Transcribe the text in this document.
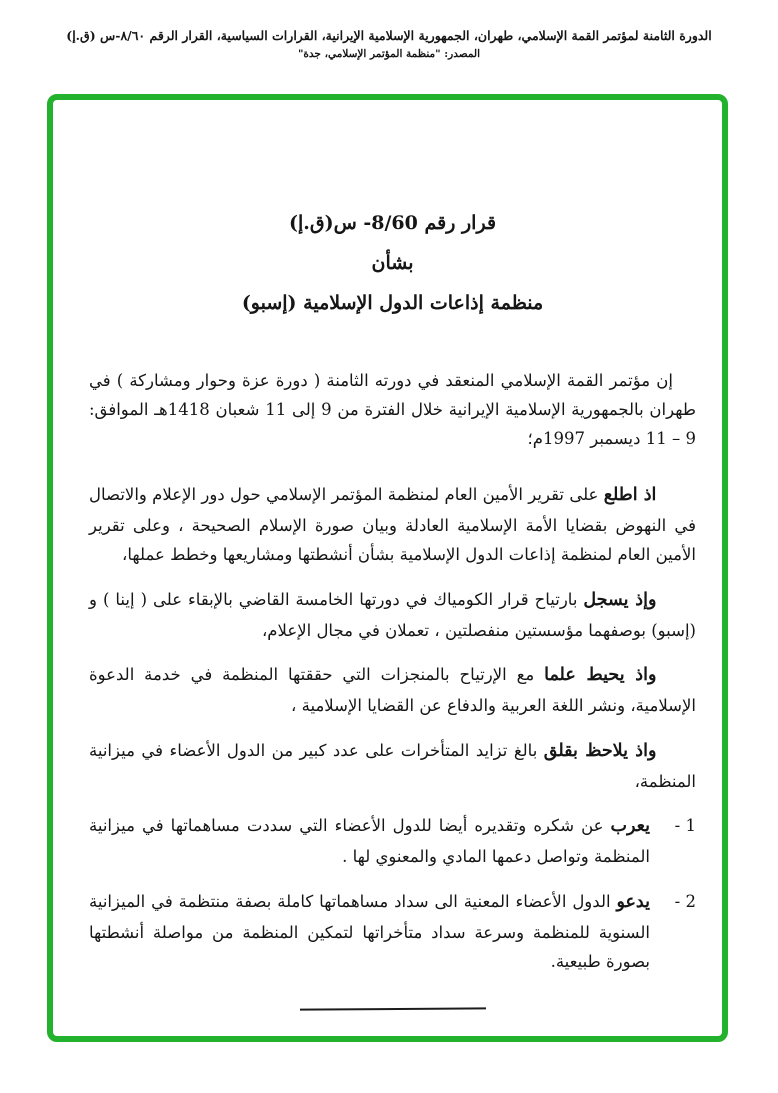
الدورة الثامنة لمؤتمر القمة الإسلامي، طهران، الجمهورية الإسلامية الإيرانية، القرارات السياسية، القرار الرقم ٨/٦٠-س (ق.إ)
المصدر: "منظمة المؤتمر الإسلامي، جدة"
قرار رقم 8/60- س(ق.إ)
بشأن
منظمة إذاعات الدول الإسلامية (إسبو)

إن مؤتمر القمة الإسلامي المنعقد في دورته الثامنة ( دورة عزة وحوار ومشاركة ) في طهران بالجمهورية الإسلامية الإيرانية خلال الفترة من 9 إلى 11 شعبان 1418هـ الموافق: 9 – 11 ديسمبر 1997م؛

اذ اطلع على تقرير الأمين العام لمنظمة المؤتمر الإسلامي حول دور الإعلام والاتصال في النهوض بقضايا الأمة الإسلامية العادلة وبيان صورة الإسلام الصحيحة ، وعلى تقرير الأمين العام لمنظمة إذاعات الدول الإسلامية بشأن أنشطتها ومشاريعها وخطط عملها،

وإذ يسجل بارتياح قرار الكومياك في دورتها الخامسة القاضي بالإبقاء على ( إينا ) و (إسبو) بوصفهما مؤسستين منفصلتين ، تعملان في مجال الإعلام،

واذ يحيط علما مع الإرتياح بالمنجزات التي حققتها المنظمة في خدمة الدعوة الإسلامية، ونشر اللغة العربية والدفاع عن القضايا الإسلامية ،

واذ يلاحظ بقلق بالغ تزايد المتأخرات على عدد كبير من الدول الأعضاء في ميزانية المنظمة،

1 -

يعرب عن شكره وتقديره أيضا للدول الأعضاء التي سددت مساهماتها في ميزانية المنظمة وتواصل دعمها المادي والمعنوي لها .

2 -

يدعو الدول الأعضاء المعنية الى سداد مساهماتها كاملة بصفة منتظمة في الميزانية السنوية للمنظمة وسرعة سداد متأخراتها لتمكين المنظمة من مواصلة أنشطتها بصورة طبيعية.
